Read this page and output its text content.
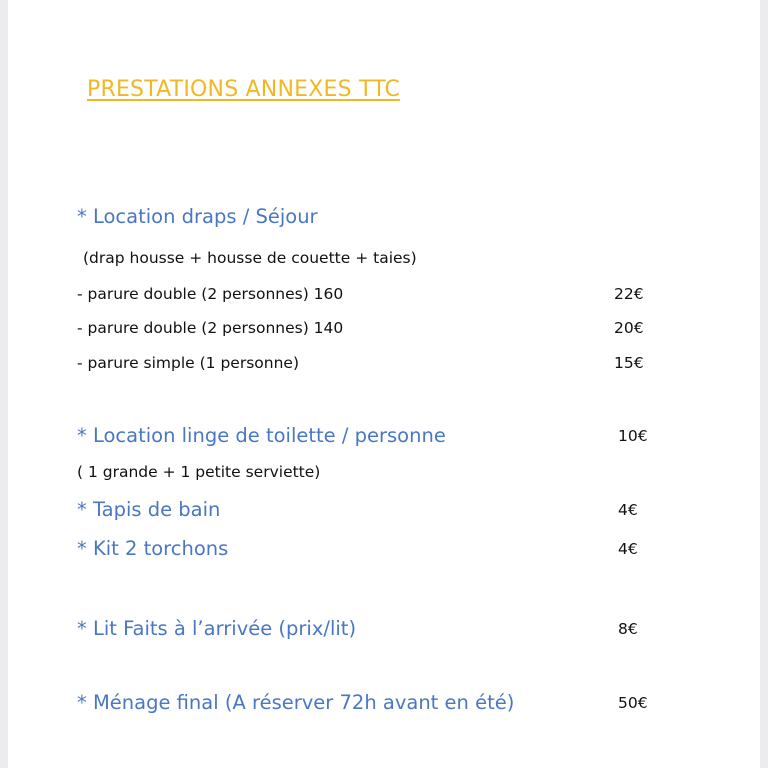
PRESTATIONS ANNEXES TTC
* Location draps / Séjour
(drap housse + housse de couette + taies)
- parure double (2 personnes) 160	22€
- parure double (2 personnes) 140	20€
- parure simple (1 personne)	15€
* Location linge de toilette / personne	10€
( 1 grande + 1 petite serviette)
* Tapis de bain	4€
* Kit 2 torchons	4€
* Lit Faits à l’arrivée (prix/lit)	8€
* Ménage final (A réserver 72h avant en été)	50€
